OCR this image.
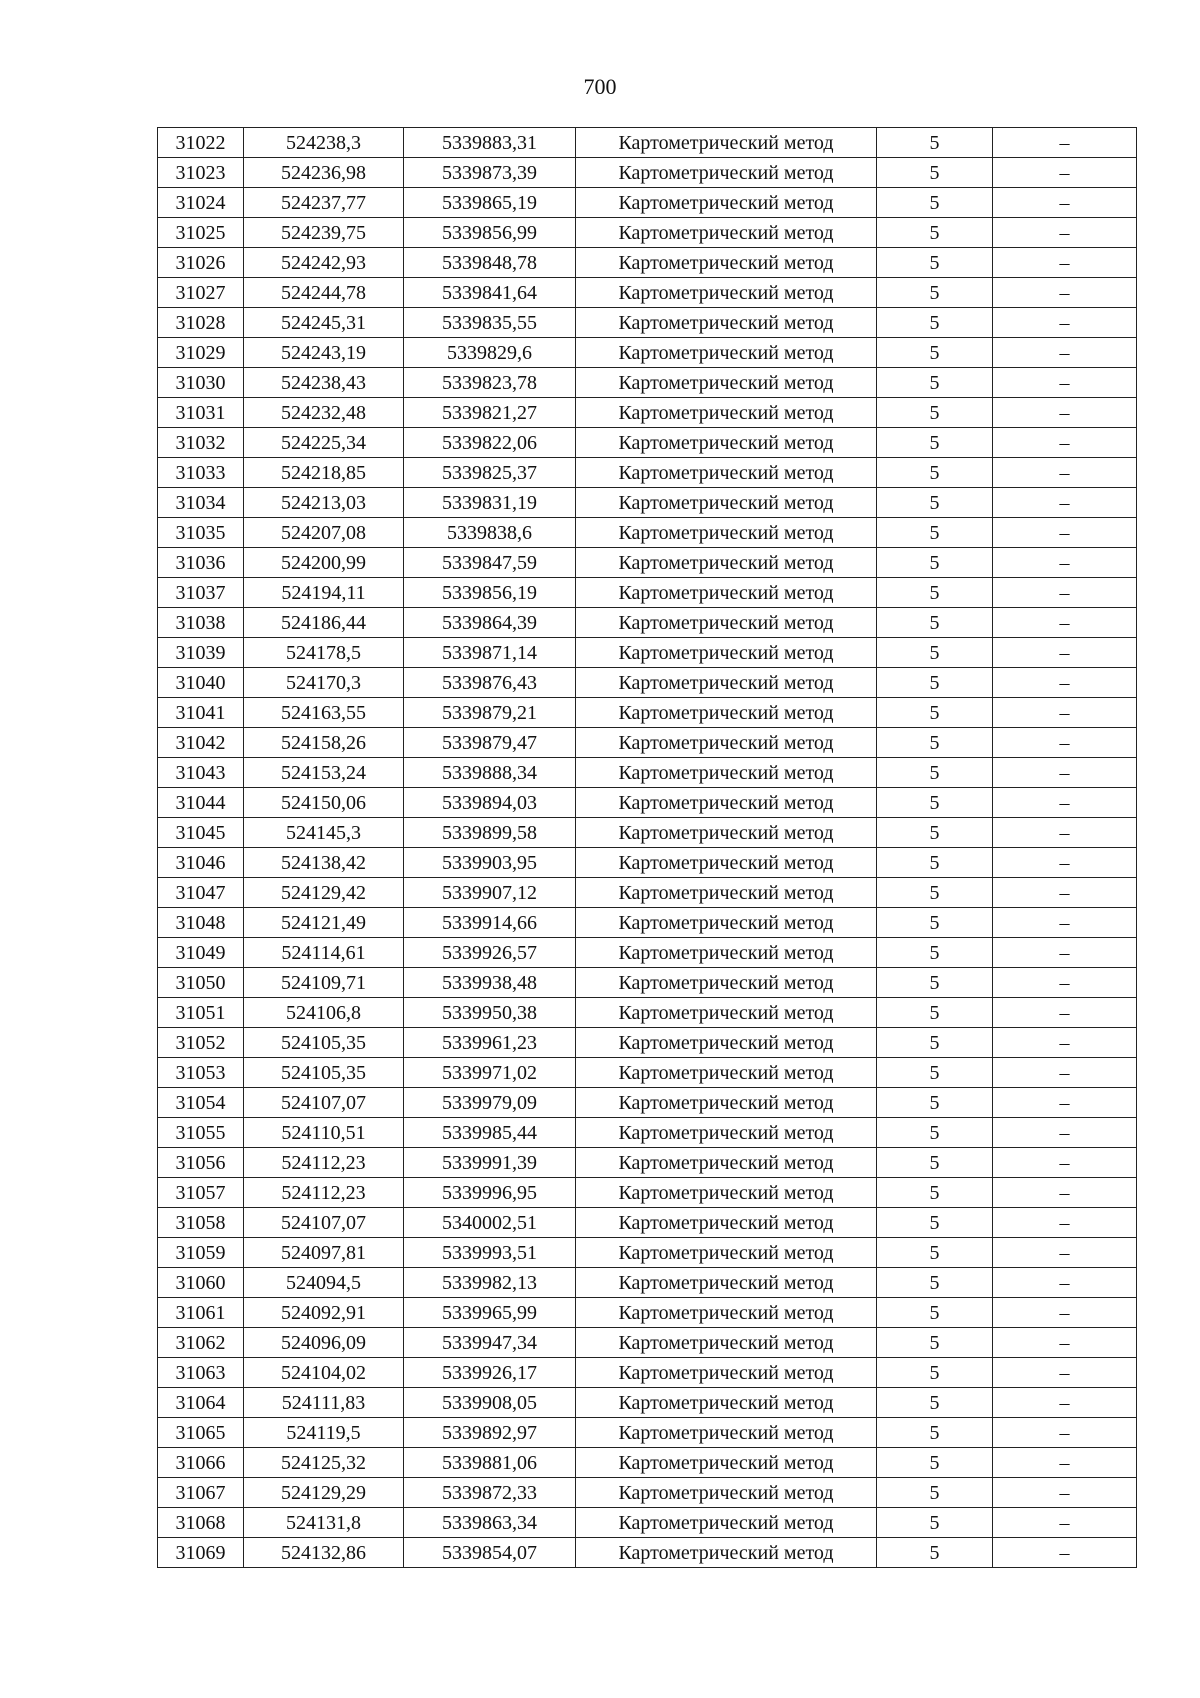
700
31022	524238,3	5339883,31	Картометрический метод	5	–
31023	524236,98	5339873,39	Картометрический метод	5	–
31024	524237,77	5339865,19	Картометрический метод	5	–
31025	524239,75	5339856,99	Картометрический метод	5	–
31026	524242,93	5339848,78	Картометрический метод	5	–
31027	524244,78	5339841,64	Картометрический метод	5	–
31028	524245,31	5339835,55	Картометрический метод	5	–
31029	524243,19	5339829,6	Картометрический метод	5	–
31030	524238,43	5339823,78	Картометрический метод	5	–
31031	524232,48	5339821,27	Картометрический метод	5	–
31032	524225,34	5339822,06	Картометрический метод	5	–
31033	524218,85	5339825,37	Картометрический метод	5	–
31034	524213,03	5339831,19	Картометрический метод	5	–
31035	524207,08	5339838,6	Картометрический метод	5	–
31036	524200,99	5339847,59	Картометрический метод	5	–
31037	524194,11	5339856,19	Картометрический метод	5	–
31038	524186,44	5339864,39	Картометрический метод	5	–
31039	524178,5	5339871,14	Картометрический метод	5	–
31040	524170,3	5339876,43	Картометрический метод	5	–
31041	524163,55	5339879,21	Картометрический метод	5	–
31042	524158,26	5339879,47	Картометрический метод	5	–
31043	524153,24	5339888,34	Картометрический метод	5	–
31044	524150,06	5339894,03	Картометрический метод	5	–
31045	524145,3	5339899,58	Картометрический метод	5	–
31046	524138,42	5339903,95	Картометрический метод	5	–
31047	524129,42	5339907,12	Картометрический метод	5	–
31048	524121,49	5339914,66	Картометрический метод	5	–
31049	524114,61	5339926,57	Картометрический метод	5	–
31050	524109,71	5339938,48	Картометрический метод	5	–
31051	524106,8	5339950,38	Картометрический метод	5	–
31052	524105,35	5339961,23	Картометрический метод	5	–
31053	524105,35	5339971,02	Картометрический метод	5	–
31054	524107,07	5339979,09	Картометрический метод	5	–
31055	524110,51	5339985,44	Картометрический метод	5	–
31056	524112,23	5339991,39	Картометрический метод	5	–
31057	524112,23	5339996,95	Картометрический метод	5	–
31058	524107,07	5340002,51	Картометрический метод	5	–
31059	524097,81	5339993,51	Картометрический метод	5	–
31060	524094,5	5339982,13	Картометрический метод	5	–
31061	524092,91	5339965,99	Картометрический метод	5	–
31062	524096,09	5339947,34	Картометрический метод	5	–
31063	524104,02	5339926,17	Картометрический метод	5	–
31064	524111,83	5339908,05	Картометрический метод	5	–
31065	524119,5	5339892,97	Картометрический метод	5	–
31066	524125,32	5339881,06	Картометрический метод	5	–
31067	524129,29	5339872,33	Картометрический метод	5	–
31068	524131,8	5339863,34	Картометрический метод	5	–
31069	524132,86	5339854,07	Картометрический метод	5	–
